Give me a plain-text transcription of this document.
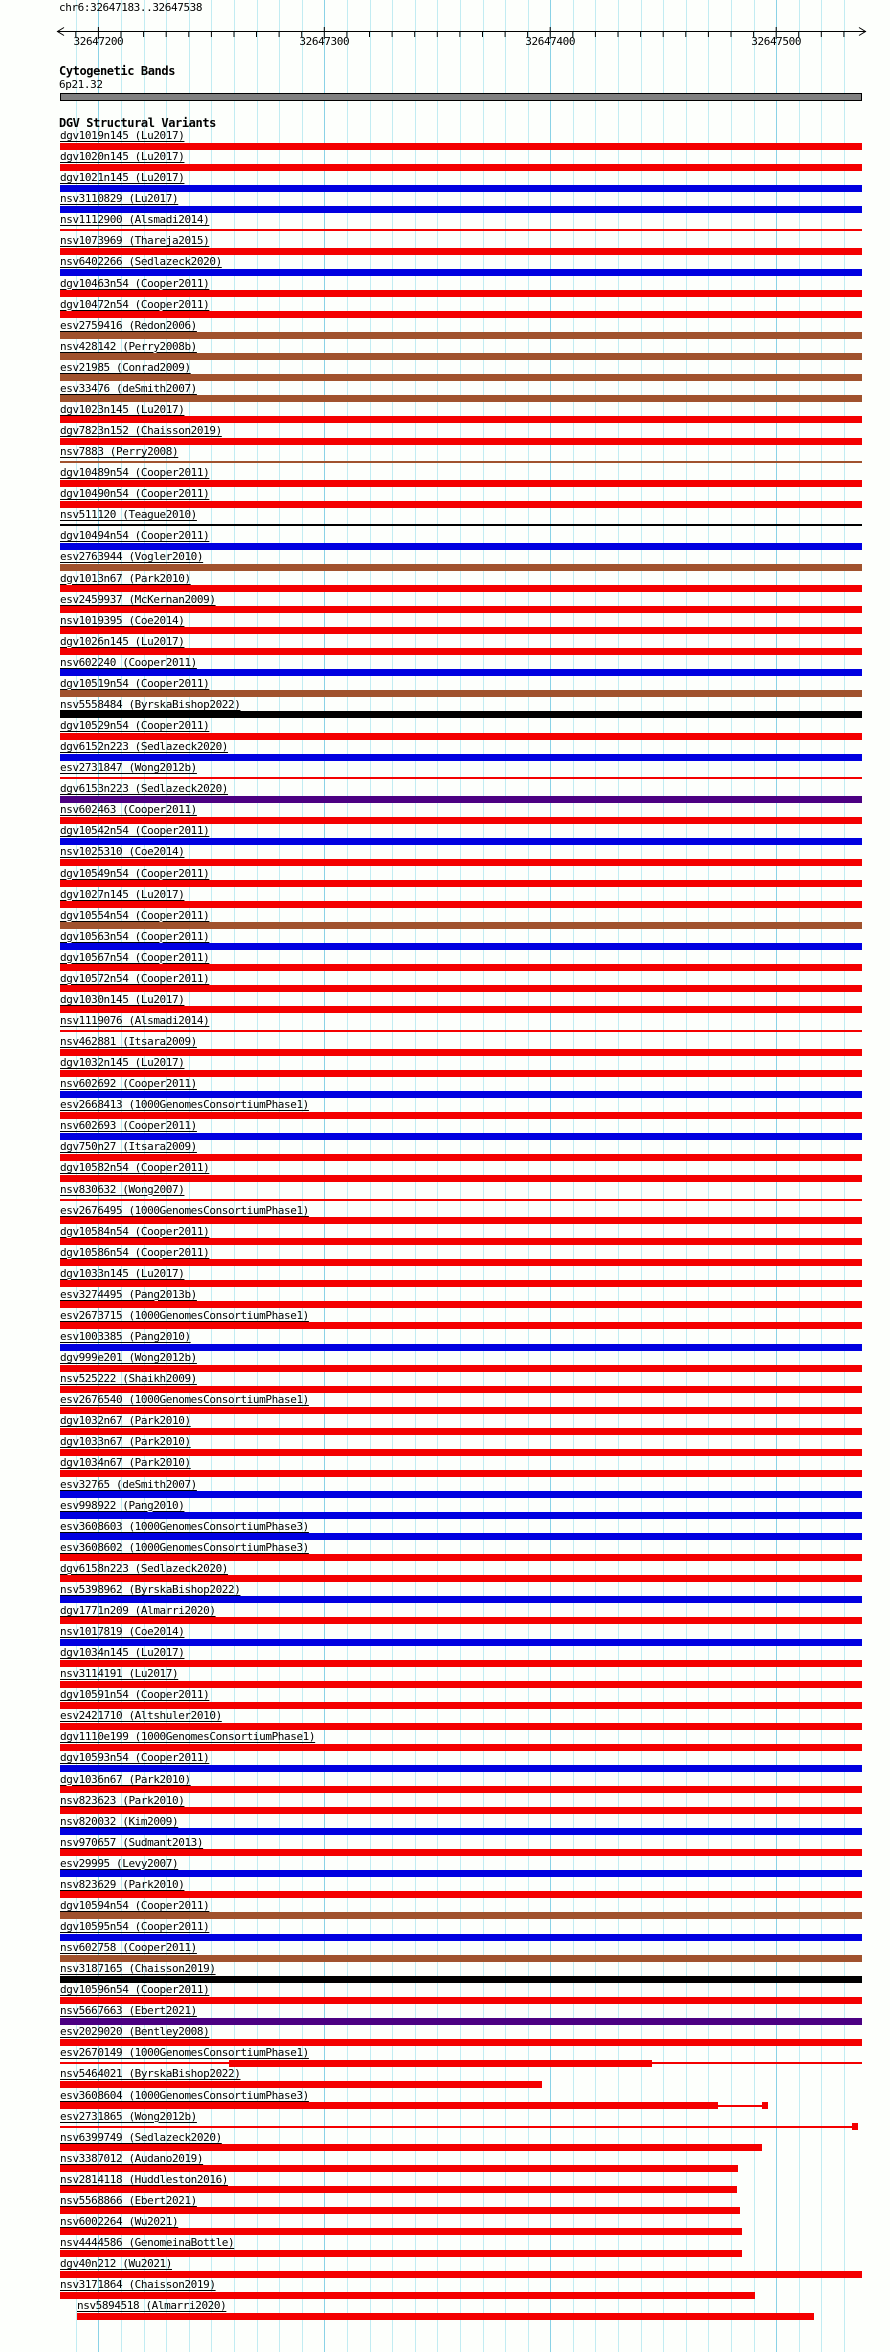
chr6:32647183..32647538
32647200	32647300	32647400	32647500
Cytogenetic Bands
6p21.32
DGV Structural Variants
dgv1019n145 (Lu2017)
dgv1020n145 (Lu2017)
dgv1021n145 (Lu2017)
nsv3110829 (Lu2017)
nsv1112900 (Alsmadi2014)
nsv1073969 (Thareja2015)
nsv6402266 (Sedlazeck2020)
dgv10463n54 (Cooper2011)
dgv10472n54 (Cooper2011)
esv2759416 (Redon2006)
nsv428142 (Perry2008b)
esv21985 (Conrad2009)
esv33476 (deSmith2007)
dgv1023n145 (Lu2017)
dgv7823n152 (Chaisson2019)
nsv7883 (Perry2008)
dgv10489n54 (Cooper2011)
dgv10490n54 (Cooper2011)
nsv511120 (Teague2010)
dgv10494n54 (Cooper2011)
esv2763944 (Vogler2010)
dgv1013n67 (Park2010)
esv2459937 (McKernan2009)
nsv1019395 (Coe2014)
dgv1026n145 (Lu2017)
nsv602240 (Cooper2011)
dgv10519n54 (Cooper2011)
nsv5558484 (ByrskaBishop2022)
dgv10529n54 (Cooper2011)
dgv6152n223 (Sedlazeck2020)
esv2731847 (Wong2012b)
dgv6153n223 (Sedlazeck2020)
nsv602463 (Cooper2011)
dgv10542n54 (Cooper2011)
nsv1025310 (Coe2014)
dgv10549n54 (Cooper2011)
dgv1027n145 (Lu2017)
dgv10554n54 (Cooper2011)
dgv10563n54 (Cooper2011)
dgv10567n54 (Cooper2011)
dgv10572n54 (Cooper2011)
dgv1030n145 (Lu2017)
nsv1119076 (Alsmadi2014)
nsv462881 (Itsara2009)
dgv1032n145 (Lu2017)
nsv602692 (Cooper2011)
esv2668413 (1000GenomesConsortiumPhase1)
nsv602693 (Cooper2011)
dgv750n27 (Itsara2009)
dgv10582n54 (Cooper2011)
nsv830632 (Wong2007)
esv2676495 (1000GenomesConsortiumPhase1)
dgv10584n54 (Cooper2011)
dgv10586n54 (Cooper2011)
dgv1033n145 (Lu2017)
esv3274495 (Pang2013b)
esv2673715 (1000GenomesConsortiumPhase1)
esv1003385 (Pang2010)
dgv999e201 (Wong2012b)
nsv525222 (Shaikh2009)
esv2676540 (1000GenomesConsortiumPhase1)
dgv1032n67 (Park2010)
dgv1033n67 (Park2010)
dgv1034n67 (Park2010)
esv32765 (deSmith2007)
esv998922 (Pang2010)
esv3608603 (1000GenomesConsortiumPhase3)
esv3608602 (1000GenomesConsortiumPhase3)
dgv6158n223 (Sedlazeck2020)
nsv5398962 (ByrskaBishop2022)
dgv1771n209 (Almarri2020)
nsv1017819 (Coe2014)
dgv1034n145 (Lu2017)
nsv3114191 (Lu2017)
dgv10591n54 (Cooper2011)
esv2421710 (Altshuler2010)
dgv1110e199 (1000GenomesConsortiumPhase1)
dgv10593n54 (Cooper2011)
dgv1036n67 (Park2010)
nsv823623 (Park2010)
nsv820032 (Kim2009)
nsv970657 (Sudmant2013)
esv29995 (Levy2007)
nsv823629 (Park2010)
dgv10594n54 (Cooper2011)
dgv10595n54 (Cooper2011)
nsv602758 (Cooper2011)
nsv3187165 (Chaisson2019)
dgv10596n54 (Cooper2011)
nsv5667663 (Ebert2021)
esv2029020 (Bentley2008)
esv2670149 (1000GenomesConsortiumPhase1)
nsv5464021 (ByrskaBishop2022)
esv3608604 (1000GenomesConsortiumPhase3)
esv2731865 (Wong2012b)
nsv6399749 (Sedlazeck2020)
nsv3387012 (Audano2019)
nsv2814118 (Huddleston2016)
nsv5568866 (Ebert2021)
nsv6002264 (Wu2021)
nsv4444586 (GenomeinaBottle)
dgv40n212 (Wu2021)
nsv3171864 (Chaisson2019)
nsv5894518 (Almarri2020)
